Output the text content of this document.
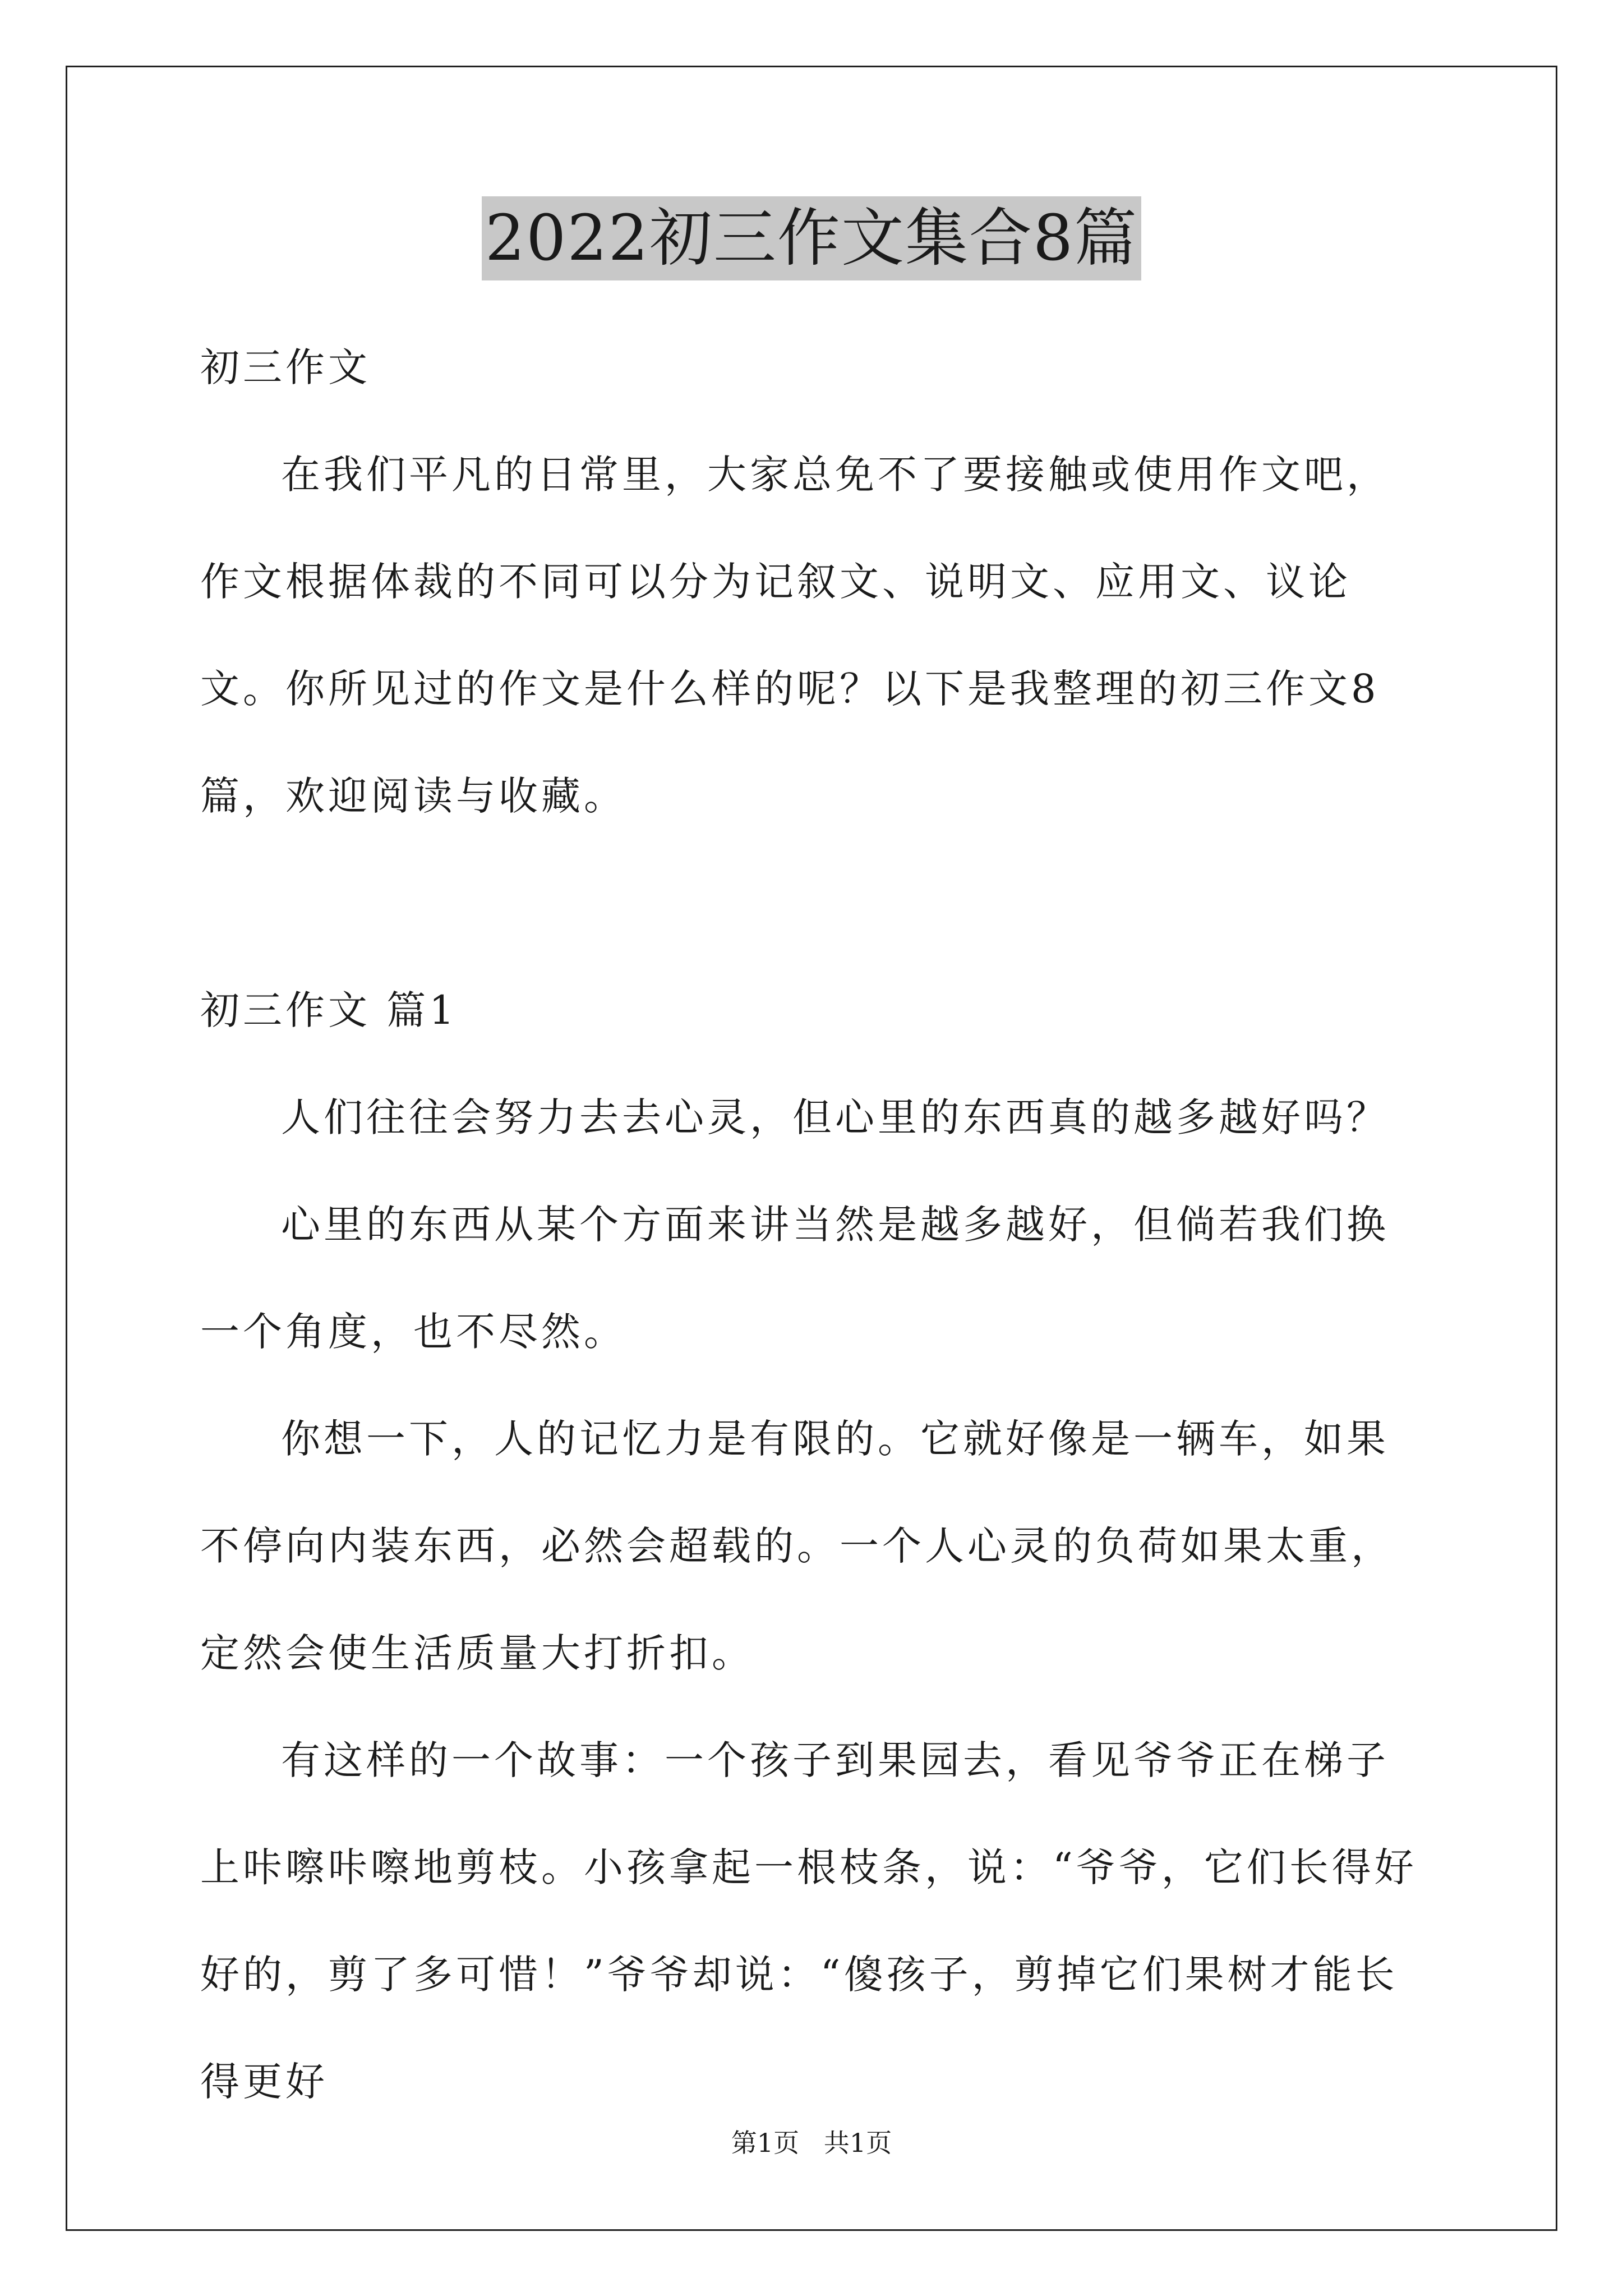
2022初三作文集合8篇

初三作文

在我们平凡的日常里，大家总免不了要接触或使用作文吧，作文根据体裁的不同可以分为记叙文、说明文、应用文、议论文。你所见过的作文是什么样的呢？以下是我整理的初三作文8篇，欢迎阅读与收藏。

初三作文 篇1

人们往往会努力去去心灵，但心里的东西真的越多越好吗？

心里的东西从某个方面来讲当然是越多越好，但倘若我们换一个角度，也不尽然。

你想一下，人的记忆力是有限的。它就好像是一辆车，如果不停向内装东西，必然会超载的。一个人心灵的负荷如果太重，定然会使生活质量大打折扣。

有这样的一个故事：一个孩子到果园去，看见爷爷正在梯子上咔嚓咔嚓地剪枝。小孩拿起一根枝条，说：“爷爷，它们长得好好的，剪了多可惜！”爷爷却说：“傻孩子，剪掉它们果树才能长得更好

第1页   共1页
